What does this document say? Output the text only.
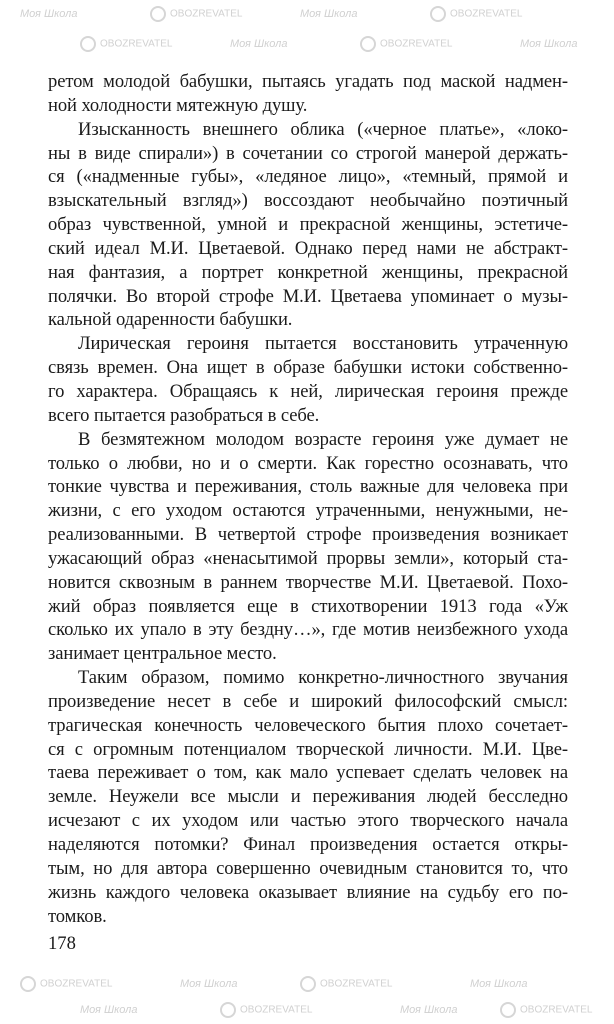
Моя Школа	OBOZREVATEL	Моя Школа	OBOZREVATEL
OBOZREVATEL	Моя Школа	OBOZREVATEL	Моя Школа
OBOZREVATEL	Моя Школа	OBOZREVATEL	Моя Школа
Моя Школа	OBOZREVATEL	Моя Школа	OBOZREVATEL
ретом молодой бабушки, пытаясь угадать под маской надмен-
ной холодности мятежную душу.
Изысканность внешнего облика («черное платье», «локо-
ны в виде спирали») в сочетании со строгой манерой держать-
ся («надменные губы», «ледяное лицо», «темный, прямой и
взыскательный взгляд») воссоздают необычайно поэтичный
образ чувственной, умной и прекрасной женщины, эстетиче-
ский идеал М.И. Цветаевой. Однако перед нами не абстракт-
ная фантазия, а портрет конкретной женщины, прекрасной
полячки. Во второй строфе М.И. Цветаева упоминает о музы-
кальной одаренности бабушки.
Лирическая героиня пытается восстановить утраченную
связь времен. Она ищет в образе бабушки истоки собственно-
го характера. Обращаясь к ней, лирическая героиня прежде
всего пытается разобраться в себе.
В безмятежном молодом возрасте героиня уже думает не
только о любви, но и о смерти. Как горестно осознавать, что
тонкие чувства и переживания, столь важные для человека при
жизни, с его уходом остаются утраченными, ненужными, не-
реализованными. В четвертой строфе произведения возникает
ужасающий образ «ненасытимой прорвы земли», который ста-
новится сквозным в раннем творчестве М.И. Цветаевой. Похо-
жий образ появляется еще в стихотворении 1913 года «Уж
сколько их упало в эту бездну…», где мотив неизбежного ухода
занимает центральное место.
Таким образом, помимо конкретно-личностного звучания
произведение несет в себе и широкий философский смысл:
трагическая конечность человеческого бытия плохо сочетает-
ся с огромным потенциалом творческой личности. М.И. Цве-
таева переживает о том, как мало успевает сделать человек на
земле. Неужели все мысли и переживания людей бесследно
исчезают с их уходом или частью этого творческого начала
наделяются потомки? Финал произведения остается откры-
тым, но для автора совершенно очевидным становится то, что
жизнь каждого человека оказывает влияние на судьбу его по-
томков.
178
